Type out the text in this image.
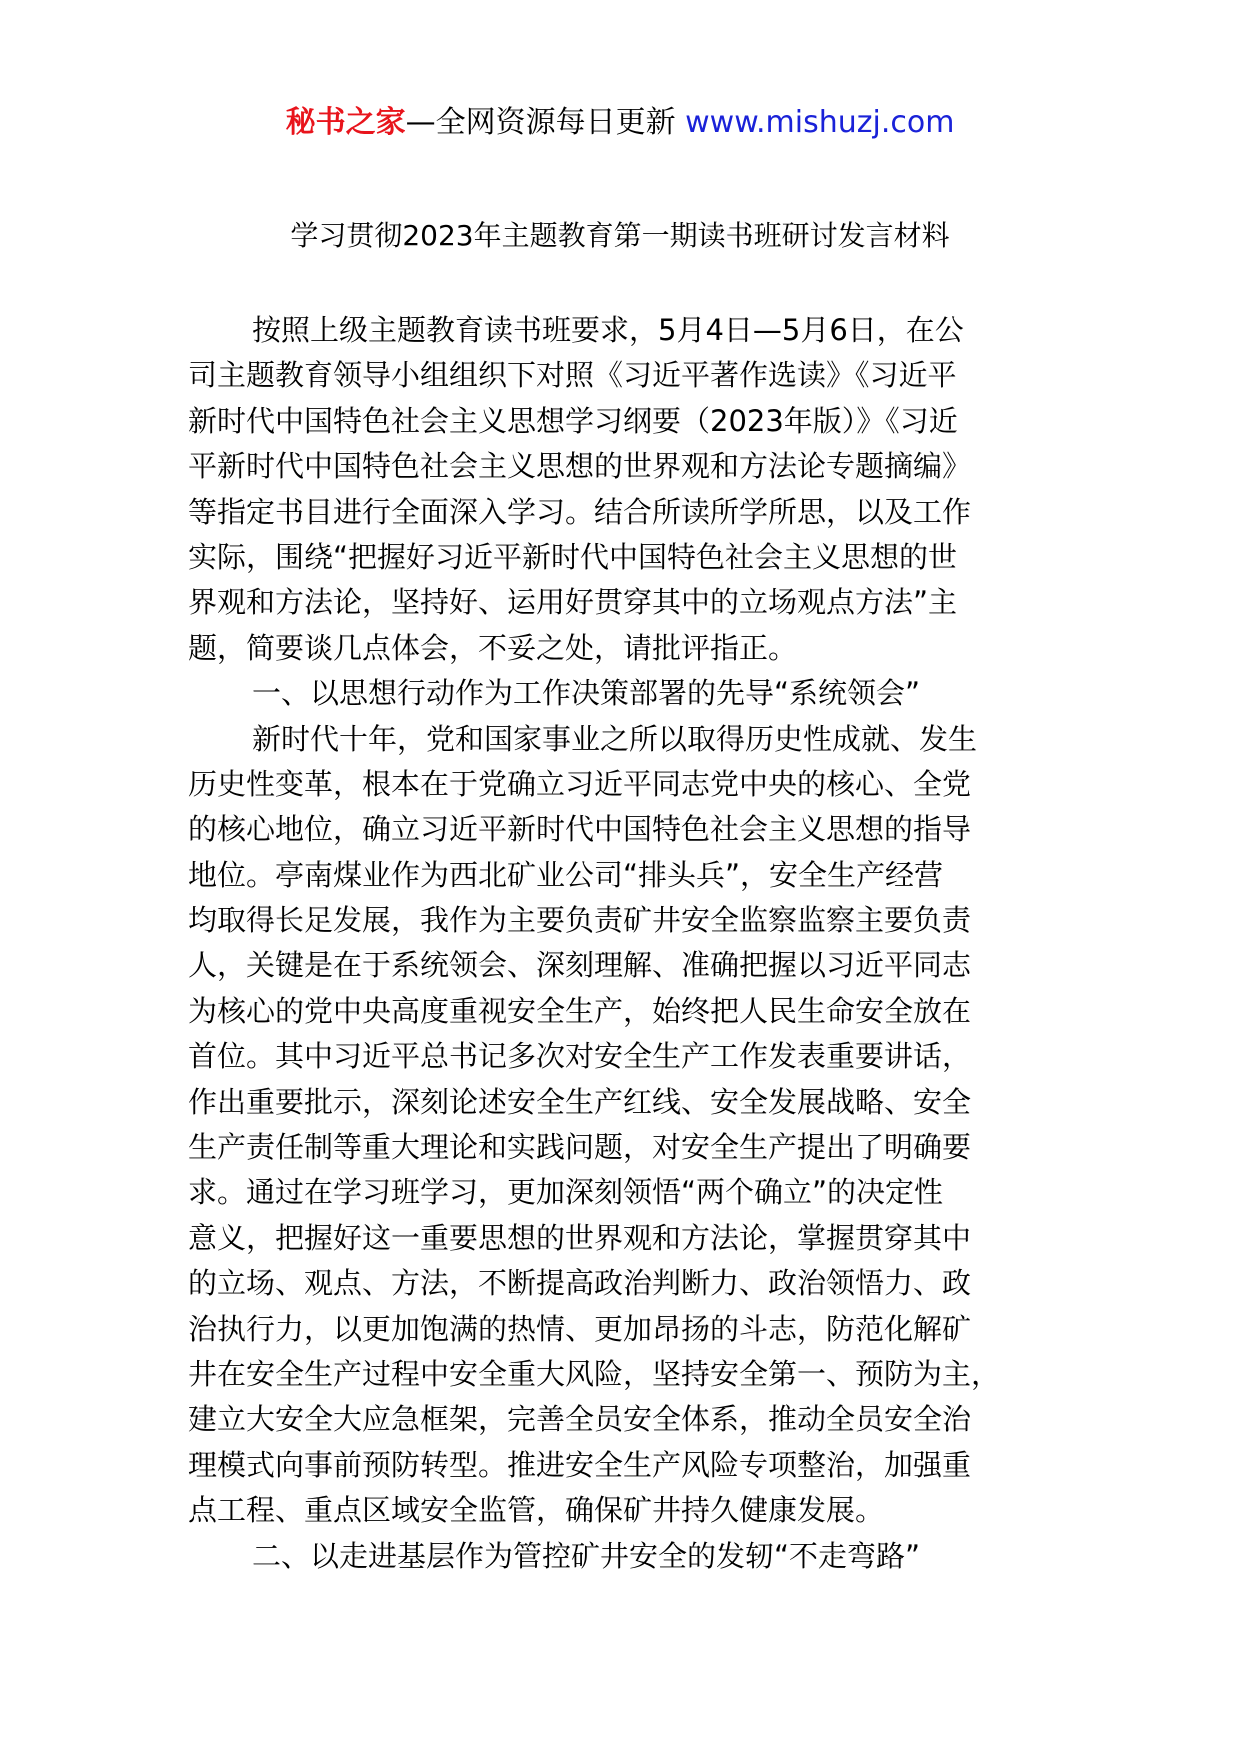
秘书之家—全网资源每日更新 www.mishuzj.com
学习贯彻2023年主题教育第一期读书班研讨发言材料
按照上级主题教育读书班要求，5月4日—5月6日，在公
司主题教育领导小组组织下对照《习近平著作选读》《习近平
新时代中国特色社会主义思想学习纲要（2023年版）》《习近
平新时代中国特色社会主义思想的世界观和方法论专题摘编》
等指定书目进行全面深入学习。结合所读所学所思，以及工作
实际，围绕“把握好习近平新时代中国特色社会主义思想的世
界观和方法论，坚持好、运用好贯穿其中的立场观点方法”主
题，简要谈几点体会，不妥之处，请批评指正。
一、以思想行动作为工作决策部署的先导“系统领会”
新时代十年，党和国家事业之所以取得历史性成就、发生
历史性变革，根本在于党确立习近平同志党中央的核心、全党
的核心地位，确立习近平新时代中国特色社会主义思想的指导
地位。亭南煤业作为西北矿业公司“排头兵”，安全生产经营
均取得长足发展，我作为主要负责矿井安全监察监察主要负责
人，关键是在于系统领会、深刻理解、准确把握以习近平同志
为核心的党中央高度重视安全生产，始终把人民生命安全放在
首位。其中习近平总书记多次对安全生产工作发表重要讲话，
作出重要批示，深刻论述安全生产红线、安全发展战略、安全
生产责任制等重大理论和实践问题，对安全生产提出了明确要
求。通过在学习班学习，更加深刻领悟“两个确立”的决定性
意义，把握好这一重要思想的世界观和方法论，掌握贯穿其中
的立场、观点、方法，不断提高政治判断力、政治领悟力、政
治执行力，以更加饱满的热情、更加昂扬的斗志，防范化解矿
井在安全生产过程中安全重大风险，坚持安全第一、预防为主，
建立大安全大应急框架，完善全员安全体系，推动全员安全治
理模式向事前预防转型。推进安全生产风险专项整治，加强重
点工程、重点区域安全监管，确保矿井持久健康发展。
二、以走进基层作为管控矿井安全的发轫“不走弯路”
